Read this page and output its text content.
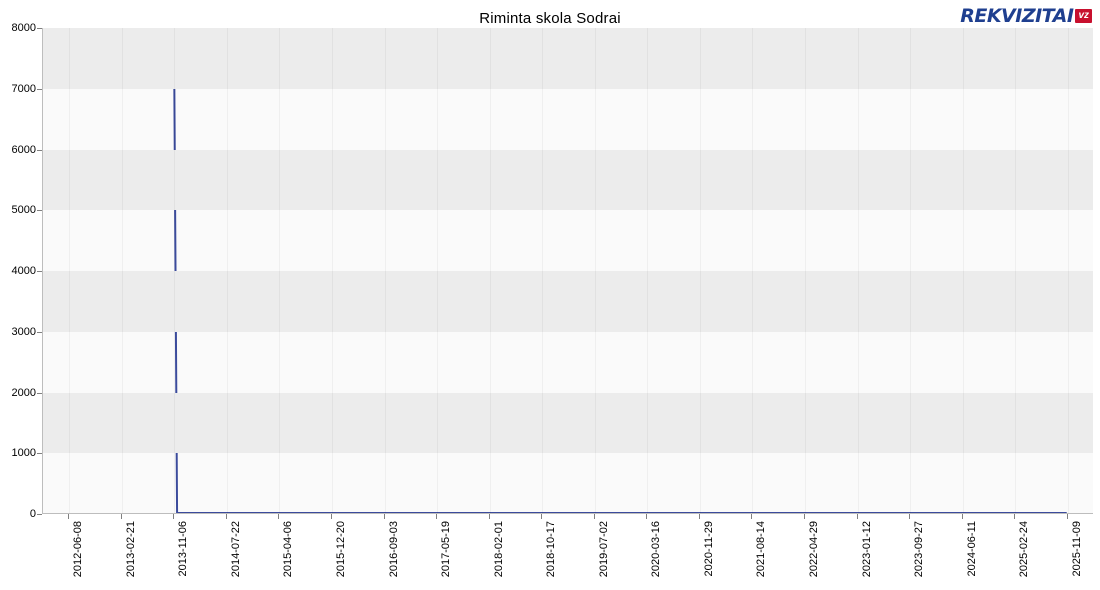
Riminta skola Sodrai	REKVIZITAI vz
0
1000
2000
3000
4000
5000
6000
7000
8000
2012-06-08	2013-02-21	2013-11-06	2014-07-22	2015-04-06	2015-12-20	2016-09-03	2017-05-19	2018-02-01	2018-10-17	2019-07-02	2020-03-16	2020-11-29	2021-08-14	2022-04-29	2023-01-12	2023-09-27	2024-06-11	2025-02-24	2025-11-09
